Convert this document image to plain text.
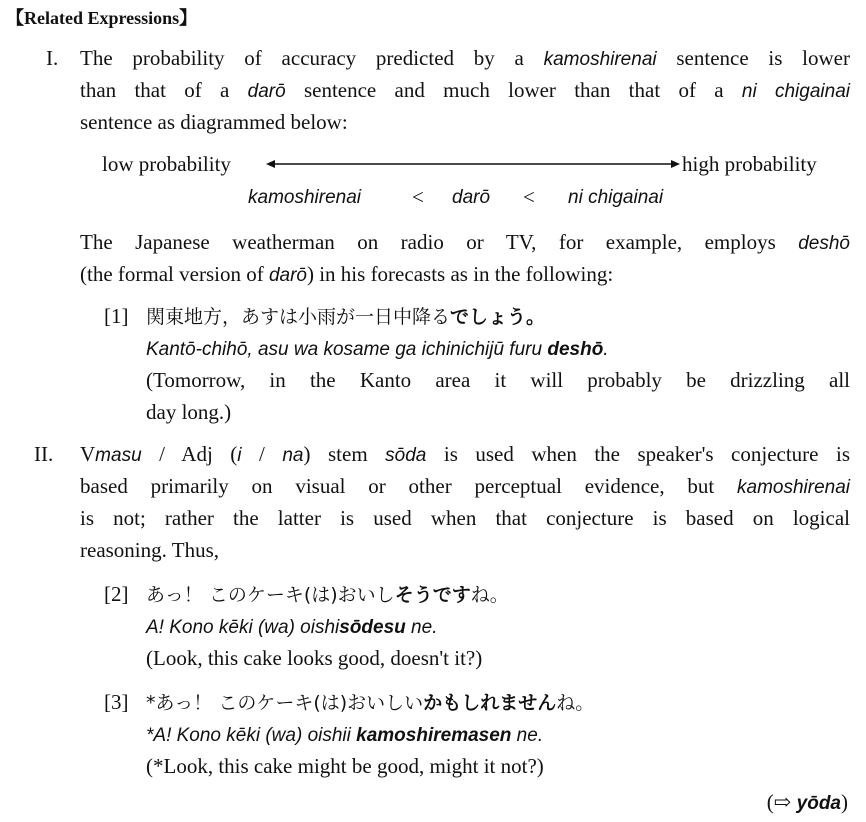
【Related Expressions】
I. The probability of accuracy predicted by a kamoshirenai sentence is lower
than that of a darō sentence and much lower than that of a ni chigainai
sentence as diagrammed below:
low probability	high probability
kamoshirenai < darō < ni chigainai
The Japanese weatherman on radio or TV, for example, employs deshō
(the formal version of darō) in his forecasts as in the following:
[1] 関東地方，あすは小雨が一日中降るでしょう。
Kantō-chihō, asu wa kosame ga ichinichijū furu deshō.
(Tomorrow, in the Kanto area it will probably be drizzling all
day long.)
II. Vmasu / Adj (i / na) stem sōda is used when the speaker's conjecture is
based primarily on visual or other perceptual evidence, but kamoshirenai
is not; rather the latter is used when that conjecture is based on logical
reasoning. Thus,
[2] あっ！ このケーキ(は)おいしそうですね。
A! Kono kēki (wa) oishisōdesu ne.
(Look, this cake looks good, doesn't it?)
[3] *あっ！ このケーキ(は)おいしいかもしれませんね。
*A! Kono kēki (wa) oishii kamoshiremasen ne.
(*Look, this cake might be good, might it not?)
(⇨ yōda)
